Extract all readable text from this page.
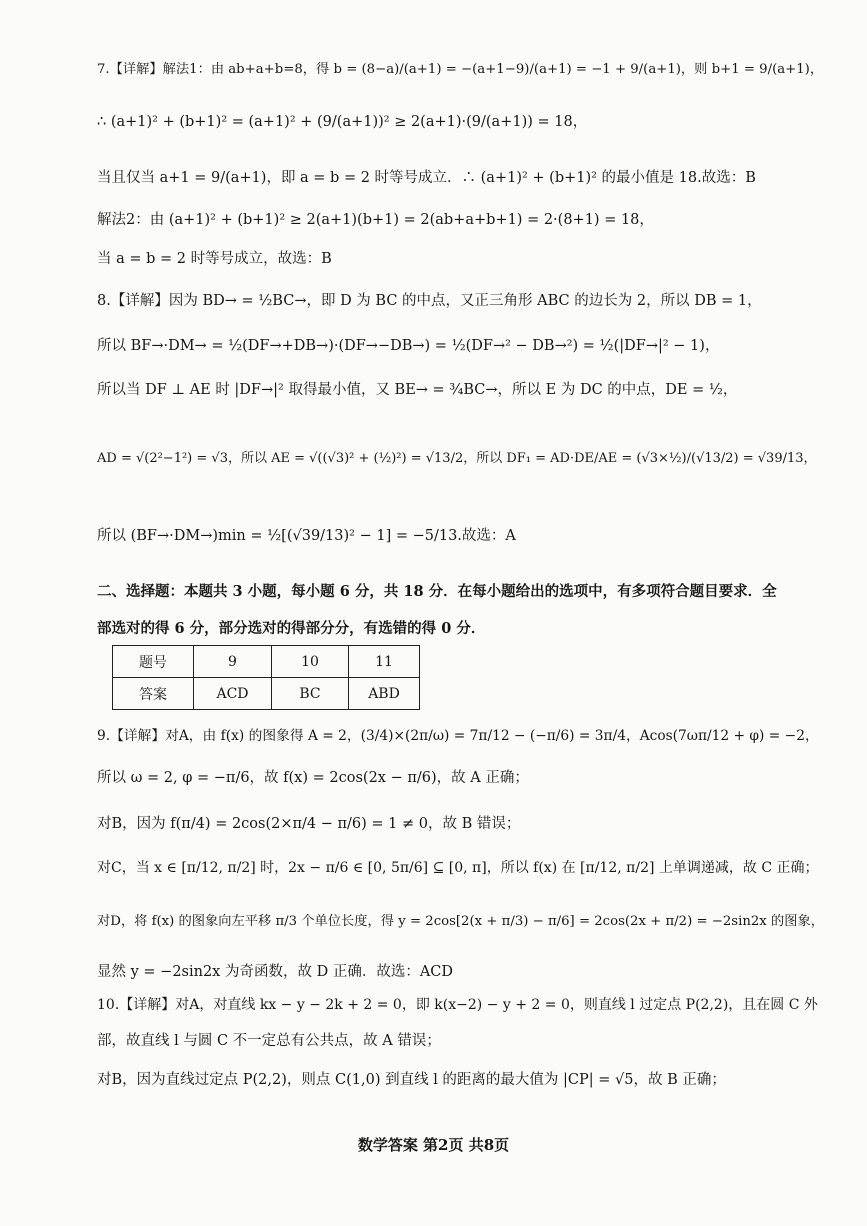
7.【详解】解法1：由 ab+a+b=8，得 b = (8−a)/(a+1) = −(a+1−9)/(a+1) = −1 + 9/(a+1)，则 b+1 = 9/(a+1)，
∴ (a+1)² + (b+1)² = (a+1)² + (9/(a+1))² ≥ 2(a+1)·(9/(a+1)) = 18，
当且仅当 a+1 = 9/(a+1)，即 a = b = 2 时等号成立．∴ (a+1)² + (b+1)² 的最小值是 18.故选：B
解法2：由 (a+1)² + (b+1)² ≥ 2(a+1)(b+1) = 2(ab+a+b+1) = 2·(8+1) = 18，
当 a = b = 2 时等号成立，故选：B
8.【详解】因为 BD→ = ½BC→，即 D 为 BC 的中点，又正三角形 ABC 的边长为 2，所以 DB = 1，
所以 BF→·DM→ = ½(DF→+DB→)·(DF→−DB→) = ½(DF→² − DB→²) = ½(|DF→|² − 1)，
所以当 DF ⊥ AE 时 |DF→|² 取得最小值，又 BE→ = ¾BC→，所以 E 为 DC 的中点，DE = ½，
AD = √(2²−1²) = √3，所以 AE = √((√3)² + (½)²) = √13/2，所以 DF₁ = AD·DE/AE = (√3×½)/(√13/2) = √39/13，
所以 (BF→·DM→)min = ½[(√39/13)² − 1] = −5/13.故选：A
二、选择题：本题共 3 小题，每小题 6 分，共 18 分．在每小题给出的选项中，有多项符合题目要求．全
部选对的得 6 分，部分选对的得部分分，有选错的得 0 分．
题号	9	10	11
答案	ACD	BC	ABD
9.【详解】对A，由 f(x) 的图象得 A = 2，(3/4)×(2π/ω) = 7π/12 − (−π/6) = 3π/4，Acos(7ωπ/12 + φ) = −2，
所以 ω = 2, φ = −π/6，故 f(x) = 2cos(2x − π/6)，故 A 正确；
对B，因为 f(π/4) = 2cos(2×π/4 − π/6) = 1 ≠ 0，故 B 错误；
对C，当 x ∈ [π/12, π/2] 时，2x − π/6 ∈ [0, 5π/6] ⊆ [0, π]，所以 f(x) 在 [π/12, π/2] 上单调递减，故 C 正确；
对D，将 f(x) 的图象向左平移 π/3 个单位长度，得 y = 2cos[2(x + π/3) − π/6] = 2cos(2x + π/2) = −2sin2x 的图象，
显然 y = −2sin2x 为奇函数，故 D 正确．故选：ACD
10.【详解】对A，对直线 kx − y − 2k + 2 = 0，即 k(x−2) − y + 2 = 0，则直线 l 过定点 P(2,2)，且在圆 C 外
部，故直线 l 与圆 C 不一定总有公共点，故 A 错误；
对B，因为直线过定点 P(2,2)，则点 C(1,0) 到直线 l 的距离的最大值为 |CP| = √5，故 B 正确；
数学答案 第2页 共8页
